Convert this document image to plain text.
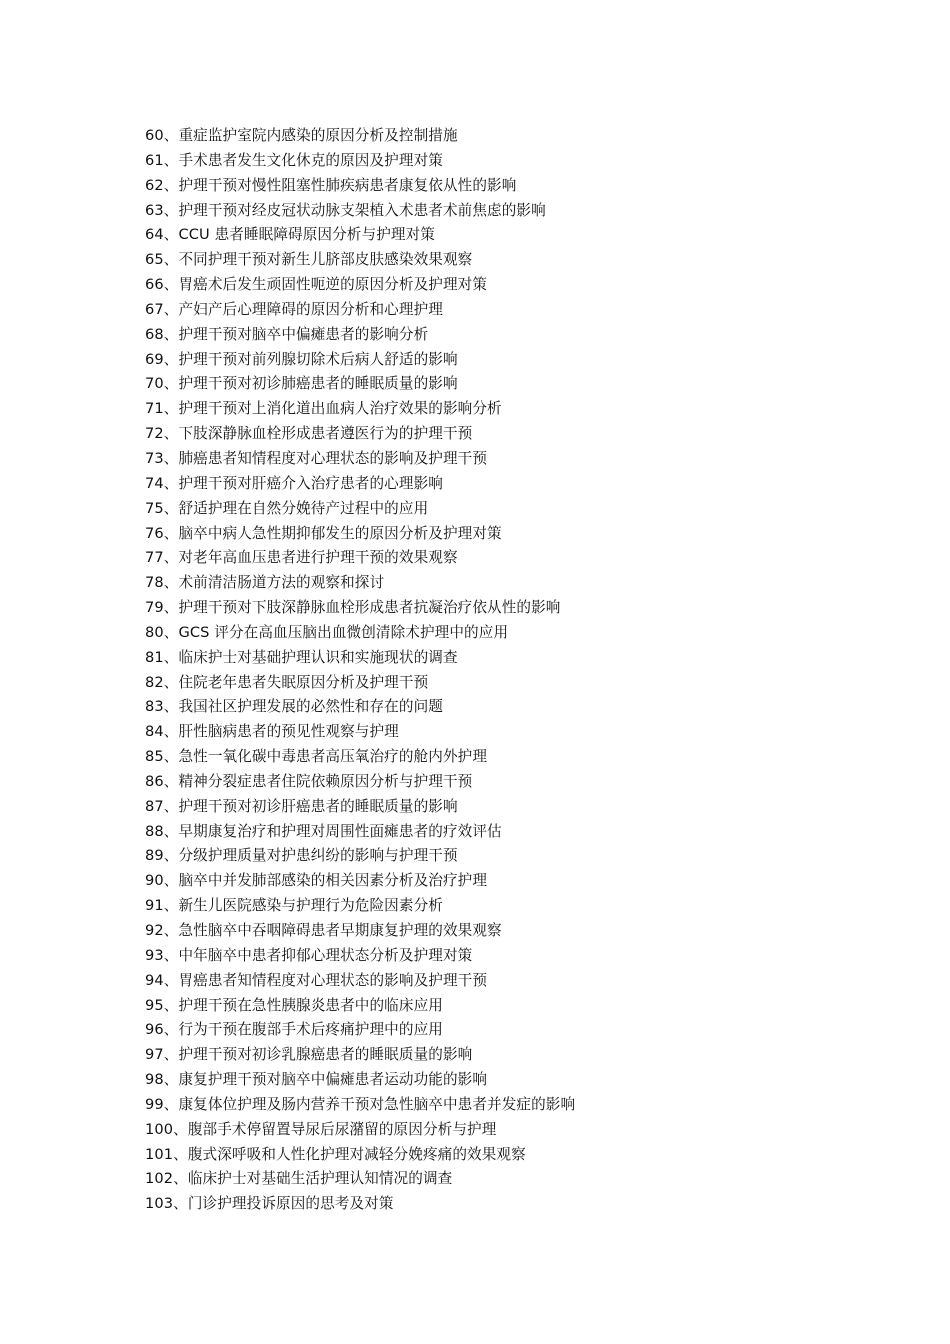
60、重症监护室院内感染的原因分析及控制措施
61、手术患者发生文化休克的原因及护理对策
62、护理干预对慢性阻塞性肺疾病患者康复依从性的影响
63、护理干预对经皮冠状动脉支架植入术患者术前焦虑的影响
64、CCU 患者睡眠障碍原因分析与护理对策
65、不同护理干预对新生儿脐部皮肤感染效果观察
66、胃癌术后发生顽固性呃逆的原因分析及护理对策
67、产妇产后心理障碍的原因分析和心理护理
68、护理干预对脑卒中偏瘫患者的影响分析
69、护理干预对前列腺切除术后病人舒适的影响
70、护理干预对初诊肺癌患者的睡眠质量的影响
71、护理干预对上消化道出血病人治疗效果的影响分析
72、下肢深静脉血栓形成患者遵医行为的护理干预
73、肺癌患者知情程度对心理状态的影响及护理干预
74、护理干预对肝癌介入治疗患者的心理影响
75、舒适护理在自然分娩待产过程中的应用
76、脑卒中病人急性期抑郁发生的原因分析及护理对策
77、对老年高血压患者进行护理干预的效果观察
78、术前清洁肠道方法的观察和探讨
79、护理干预对下肢深静脉血栓形成患者抗凝治疗依从性的影响
80、GCS 评分在高血压脑出血微创清除术护理中的应用
81、临床护士对基础护理认识和实施现状的调查
82、住院老年患者失眠原因分析及护理干预
83、我国社区护理发展的必然性和存在的问题
84、肝性脑病患者的预见性观察与护理
85、急性一氧化碳中毒患者高压氧治疗的舱内外护理
86、精神分裂症患者住院依赖原因分析与护理干预
87、护理干预对初诊肝癌患者的睡眠质量的影响
88、早期康复治疗和护理对周围性面瘫患者的疗效评估
89、分级护理质量对护患纠纷的影响与护理干预
90、脑卒中并发肺部感染的相关因素分析及治疗护理
91、新生儿医院感染与护理行为危险因素分析
92、急性脑卒中吞咽障碍患者早期康复护理的效果观察
93、中年脑卒中患者抑郁心理状态分析及护理对策
94、胃癌患者知情程度对心理状态的影响及护理干预
95、护理干预在急性胰腺炎患者中的临床应用
96、行为干预在腹部手术后疼痛护理中的应用
97、护理干预对初诊乳腺癌患者的睡眠质量的影响
98、康复护理干预对脑卒中偏瘫患者运动功能的影响
99、康复体位护理及肠内营养干预对急性脑卒中患者并发症的影响
100、腹部手术停留置导尿后尿潴留的原因分析与护理
101、腹式深呼吸和人性化护理对减轻分娩疼痛的效果观察
102、临床护士对基础生活护理认知情况的调查
103、门诊护理投诉原因的思考及对策
